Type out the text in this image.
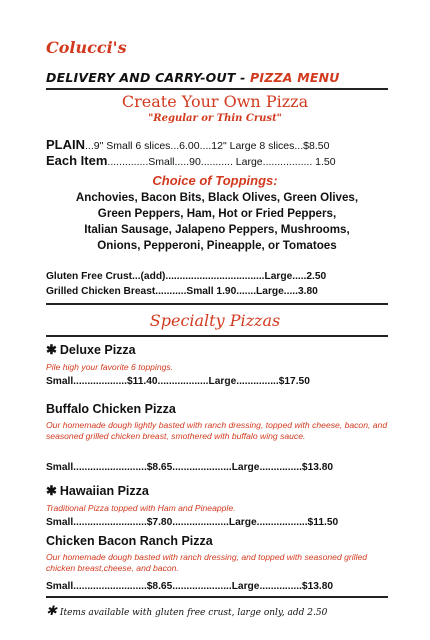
Colucci's
DELIVERY AND CARRY-OUT - PIZZA MENU
Create Your Own Pizza
"Regular or Thin Crust"
PLAIN...9" Small 6 slices...6.00....12" Large 8 slices...$8.50
Each Item..............Small.....90........... Large................. 1.50
Choice of Toppings:
Anchovies, Bacon Bits, Black Olives, Green Olives,
Green Peppers, Ham, Hot or Fried Peppers,
Italian Sausage, Jalapeno Peppers, Mushrooms,
Onions, Pepperoni, Pineapple, or Tomatoes
Gluten Free Crust...(add)...................................Large.....2.50
Grilled Chicken Breast...........Small 1.90.......Large.....3.80
Specialty Pizzas
✱ Deluxe Pizza
Pile high your favorite 6 toppings.
Small...................$11.40..................Large...............$17.50
Buffalo Chicken Pizza
Our homemade dough lightly basted with ranch dressing, topped with cheese, bacon, and seasoned grilled chicken breast, smothered with buffalo wing sauce.
Small..........................$8.65.....................Large...............$13.80
✱ Hawaiian Pizza
Traditional Pizza topped with Ham and Pineapple.
Small..........................$7.80....................Large..................$11.50
Chicken Bacon Ranch Pizza
Our homemade dough basted with ranch dressing, and topped with seasoned grilled chicken breast,cheese, and bacon.
Small..........................$8.65.....................Large...............$13.80
✱ Items available with gluten free crust, large only, add 2.50
